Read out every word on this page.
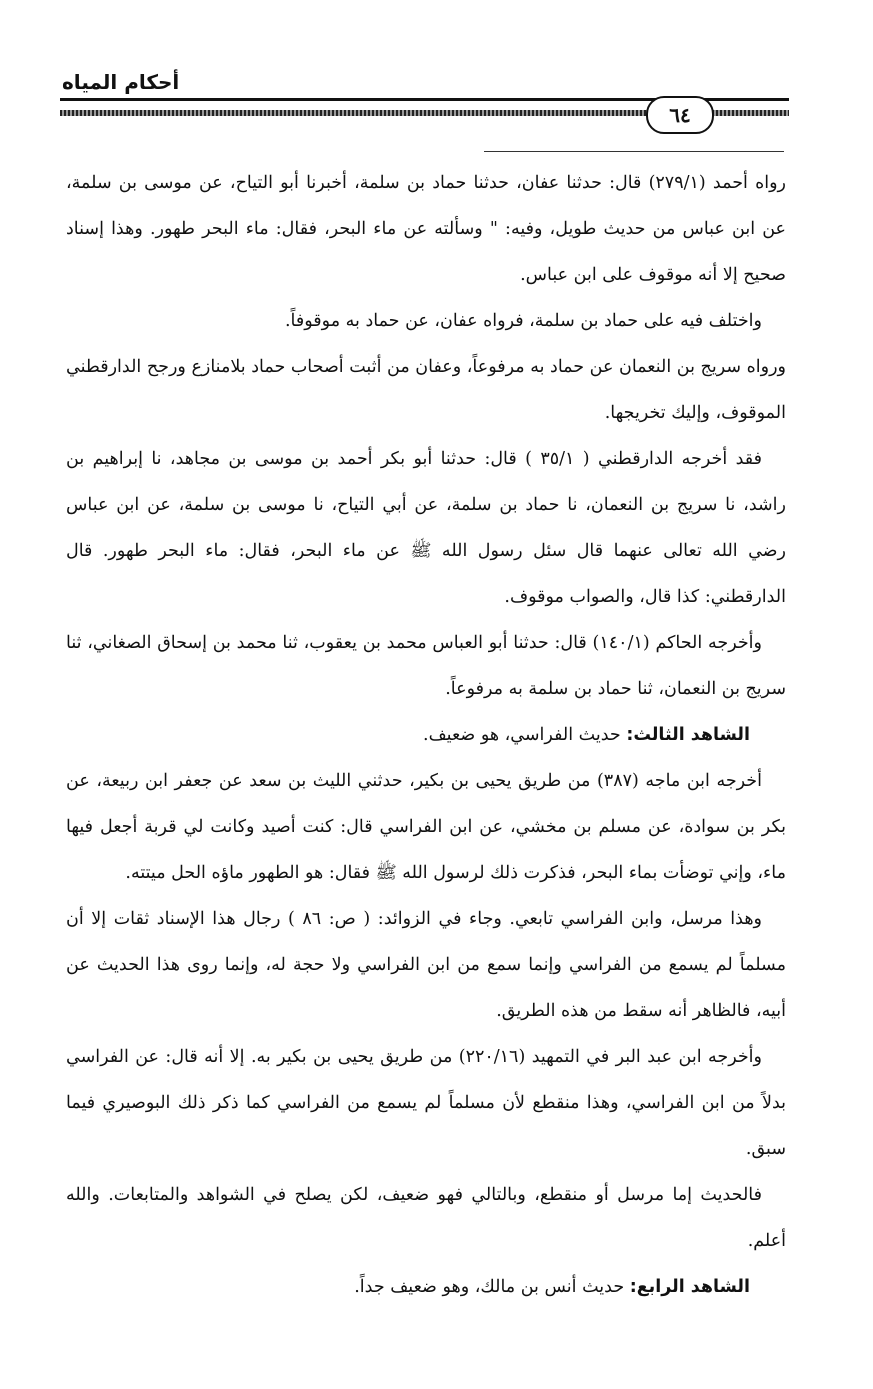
أحكام المياه
٦٤

رواه أحمد (٢٧٩/١) قال: حدثنا عفان، حدثنا حماد بن سلمة، أخبرنا أبو التياح، عن موسى بن سلمة، عن ابن عباس من حديث طويل، وفيه: " وسألته عن ماء البحر، فقال: ماء البحر طهور. وهذا إسناد صحيح إلا أنه موقوف على ابن عباس.

واختلف فيه على حماد بن سلمة، فرواه عفان، عن حماد به موقوفاً.

ورواه سريج بن النعمان عن حماد به مرفوعاً، وعفان من أثبت أصحاب حماد بلامنازع ورجح الدارقطني الموقوف، وإليك تخريجها.

فقد أخرجه الدارقطني ( ٣٥/١ ) قال: حدثنا أبو بكر أحمد بن موسى بن مجاهد، نا إبراهيم بن راشد، نا سريج بن النعمان، نا حماد بن سلمة، عن أبي التياح، نا موسى بن سلمة، عن ابن عباس رضي الله تعالى عنهما قال سئل رسول الله ﷺ عن ماء البحر، فقال: ماء البحر طهور. قال الدارقطني: كذا قال، والصواب موقوف.

وأخرجه الحاكم (١٤٠/١) قال: حدثنا أبو العباس محمد بن يعقوب، ثنا محمد بن إسحاق الصغاني، ثنا سريج بن النعمان، ثنا حماد بن سلمة به مرفوعاً.

الشاهد الثالث: حديث الفراسي، هو ضعيف.

أخرجه ابن ماجه (٣٨٧) من طريق يحيى بن بكير، حدثني الليث بن سعد عن جعفر ابن ربيعة، عن بكر بن سوادة، عن مسلم بن مخشي، عن ابن الفراسي قال: كنت أصيد وكانت لي قربة أجعل فيها ماء، وإني توضأت بماء البحر، فذكرت ذلك لرسول الله ﷺ فقال: هو الطهور ماؤه الحل ميتته.

وهذا مرسل، وابن الفراسي تابعي. وجاء في الزوائد: ( ص: ٨٦ ) رجال هذا الإسناد ثقات إلا أن مسلماً لم يسمع من الفراسي وإنما سمع من ابن الفراسي ولا حجة له، وإنما روى هذا الحديث عن أبيه، فالظاهر أنه سقط من هذه الطريق.

وأخرجه ابن عبد البر في التمهيد (٢٢٠/١٦) من طريق يحيى بن بكير به. إلا أنه قال: عن الفراسي بدلاً من ابن الفراسي، وهذا منقطع لأن مسلماً لم يسمع من الفراسي كما ذكر ذلك البوصيري فيما سبق.

فالحديث إما مرسل أو منقطع، وبالتالي فهو ضعيف، لكن يصلح في الشواهد والمتابعات. والله أعلم.

الشاهد الرابع: حديث أنس بن مالك، وهو ضعيف جداً.
